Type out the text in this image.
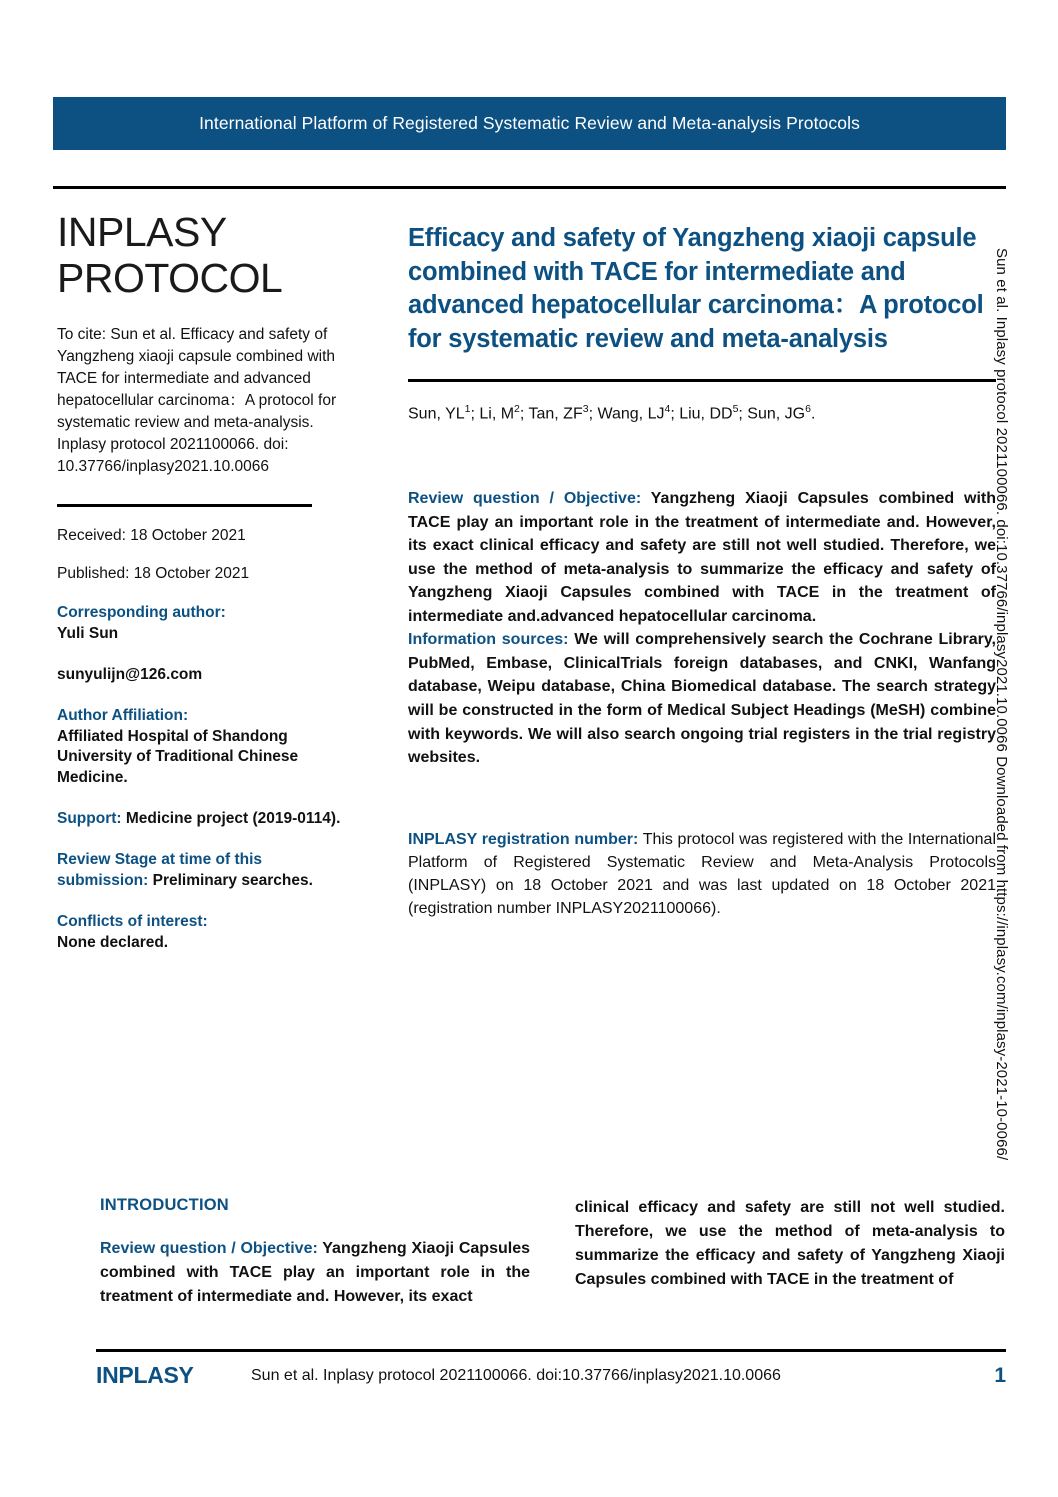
International Platform of Registered Systematic Review and Meta-analysis Protocols
INPLASY
PROTOCOL

To cite: Sun et al. Efficacy and safety of Yangzheng xiaoji capsule combined with TACE for intermediate and advanced hepatocellular carcinoma：A protocol for systematic review and meta-analysis. Inplasy protocol 2021100066. doi: 10.37766/inplasy2021.10.0066

Received: 18 October 2021

Published: 18 October 2021

Corresponding author:
Yuli Sun
sunyulijn@126.com
Author Affiliation:
Affiliated Hospital of Shandong University of Traditional Chinese Medicine.
Support: Medicine project (2019-0114).
Review Stage at time of this submission: Preliminary searches.
Conflicts of interest:
None declared.
Efficacy and safety of Yangzheng xiaoji capsule combined with TACE for intermediate and advanced hepatocellular carcinoma：A protocol for systematic review and meta-analysis

Sun, $YL^1$; Li, $M^2$; Tan, $ZF^3$; Wang, $LJ^4$; Liu, $DD^5$; Sun, $JG^6$.

Review question / Objective: Yangzheng Xiaoji Capsules combined with TACE play an important role in the treatment of intermediate and. However, its exact clinical efficacy and safety are still not well studied. Therefore, we use the method of meta-analysis to summarize the efficacy and safety of Yangzheng Xiaoji Capsules combined with TACE in the treatment of intermediate and.advanced hepatocellular carcinoma.

Information sources: We will comprehensively search the Cochrane Library, PubMed, Embase, ClinicalTrials foreign databases, and CNKI, Wanfang database, Weipu database, China Biomedical database. The search strategy will be constructed in the form of Medical Subject Headings (MeSH) combine with keywords. We will also search ongoing trial registers in the trial registry websites.

INPLASY registration number: This protocol was registered with the International Platform of Registered Systematic Review and Meta-Analysis Protocols (INPLASY) on 18 October 2021 and was last updated on 18 October 2021 (registration number INPLASY2021100066).

INTRODUCTION

Review question / Objective: Yangzheng Xiaoji Capsules combined with TACE play an important role in the treatment of intermediate and. However, its exact

clinical efficacy and safety are still not well studied. Therefore, we use the method of meta-analysis to summarize the efficacy and safety of Yangzheng Xiaoji Capsules combined with TACE in the treatment of

INPLASY	Sun et al. Inplasy protocol 2021100066. doi:10.37766/inplasy2021.10.0066	1
Sun et al. Inplasy protocol 2021100066. doi:10.37766/inplasy2021.10.0066 Downloaded from https://inplasy.com/inplasy-2021-10-0066/
